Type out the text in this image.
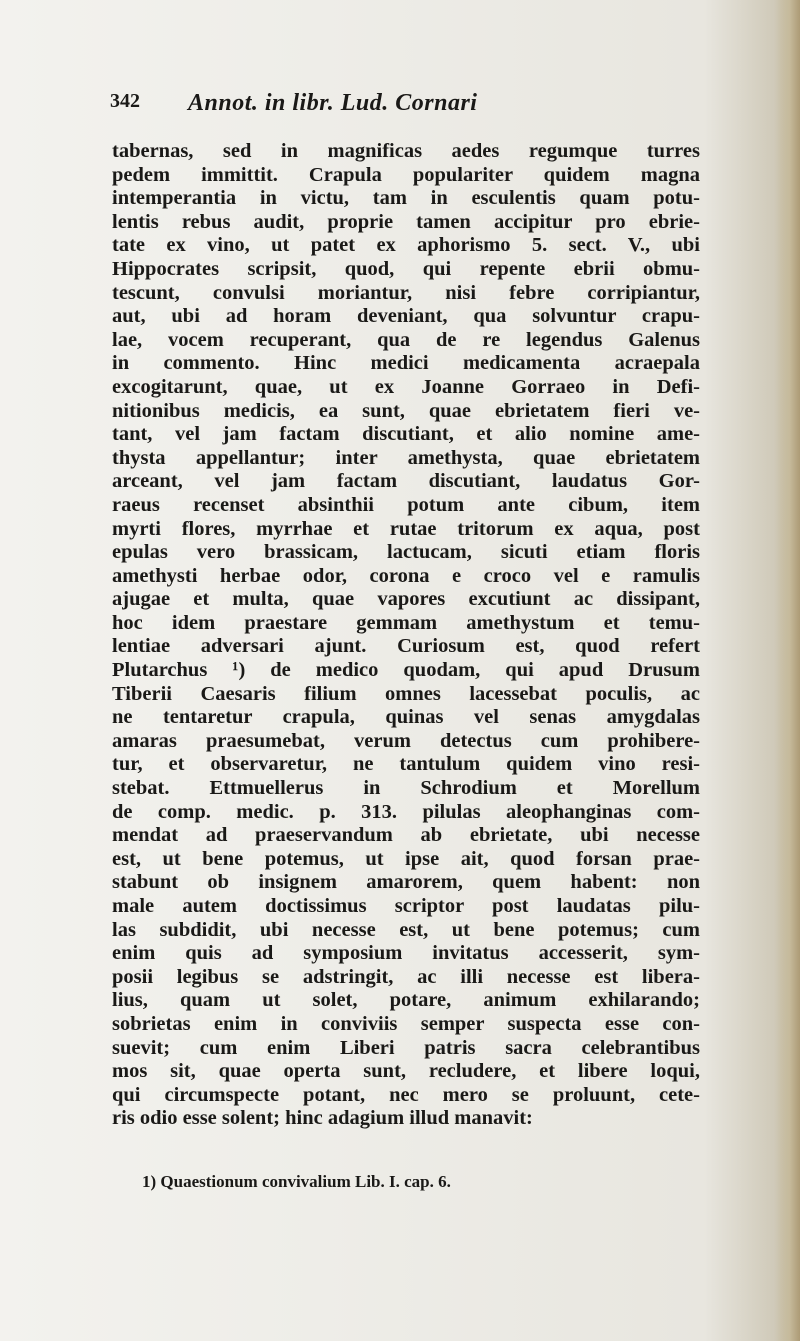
342 Annot. in libr. Lud. Cornari
tabernas, sed in magnificas aedes regumque turres
pedem immittit. Crapula populariter quidem magna
intemperantia in victu, tam in esculentis quam potu-
lentis rebus audit, proprie tamen accipitur pro ebrie-
tate ex vino, ut patet ex aphorismo 5. sect. V., ubi
Hippocrates scripsit, quod, qui repente ebrii obmu-
tescunt, convulsi moriantur, nisi febre corripiantur,
aut, ubi ad horam deveniant, qua solvuntur crapu-
lae, vocem recuperant, qua de re legendus Galenus
in commento. Hinc medici medicamenta acraepala
excogitarunt, quae, ut ex Joanne Gorraeo in Defi-
nitionibus medicis, ea sunt, quae ebrietatem fieri ve-
tant, vel jam factam discutiant, et alio nomine ame-
thysta appellantur; inter amethysta, quae ebrietatem
arceant, vel jam factam discutiant, laudatus Gor-
raeus recenset absinthii potum ante cibum, item
myrti flores, myrrhae et rutae tritorum ex aqua, post
epulas vero brassicam, lactucam, sicuti etiam floris
amethysti herbae odor, corona e croco vel e ramulis
ajugae et multa, quae vapores excutiunt ac dissipant,
hoc idem praestare gemmam amethystum et temu-
lentiae adversari ajunt. Curiosum est, quod refert
Plutarchus ¹) de medico quodam, qui apud Drusum
Tiberii Caesaris filium omnes lacessebat poculis, ac
ne tentaretur crapula, quinas vel senas amygdalas
amaras praesumebat, verum detectus cum prohibere-
tur, et observaretur, ne tantulum quidem vino resi-
stebat. Ettmuellerus in Schrodium et Morellum
de comp. medic. p. 313. pilulas aleophanginas com-
mendat ad praeservandum ab ebrietate, ubi necesse
est, ut bene potemus, ut ipse ait, quod forsan prae-
stabunt ob insignem amarorem, quem habent: non
male autem doctissimus scriptor post laudatas pilu-
las subdidit, ubi necesse est, ut bene potemus; cum
enim quis ad symposium invitatus accesserit, sym-
posii legibus se adstringit, ac illi necesse est libera-
lius, quam ut solet, potare, animum exhilarando;
sobrietas enim in conviviis semper suspecta esse con-
suevit; cum enim Liberi patris sacra celebrantibus
mos sit, quae operta sunt, recludere, et libere loqui,
qui circumspecte potant, nec mero se proluunt, cete-
ris odio esse solent; hinc adagium illud manavit:
1) Quaestionum convivalium Lib. I. cap. 6.
